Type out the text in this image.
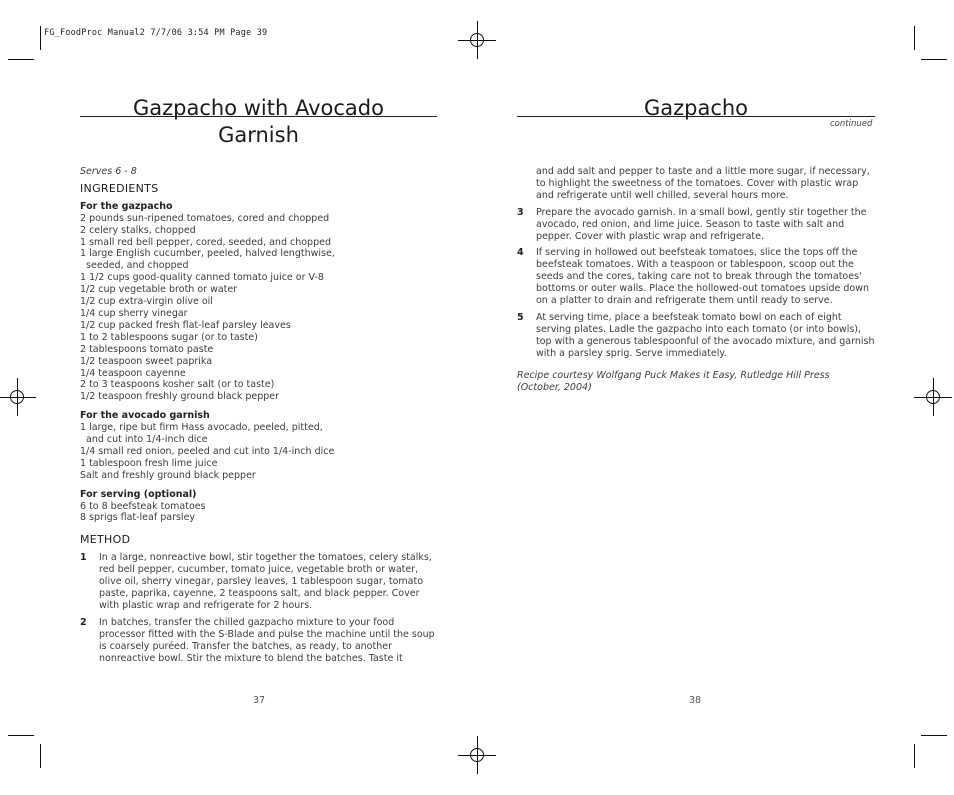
FG_FoodProc Manual2 7/7/06 3:54 PM Page 39
Gazpacho with Avocado
Garnish
Serves 6 - 8
INGREDIENTS
For the gazpacho
2 pounds sun-ripened tomatoes, cored and chopped
2 celery stalks, chopped
1 small red bell pepper, cored, seeded, and chopped
1 large English cucumber, peeled, halved lengthwise,
seeded, and chopped
1 1/2 cups good-quality canned tomato juice or V-8
1/2 cup vegetable broth or water
1/2 cup extra-virgin olive oil
1/4 cup sherry vinegar
1/2 cup packed fresh flat-leaf parsley leaves
1 to 2 tablespoons sugar (or to taste)
2 tablespoons tomato paste
1/2 teaspoon sweet paprika
1/4 teaspoon cayenne
2 to 3 teaspoons kosher salt (or to taste)
1/2 teaspoon freshly ground black pepper
For the avocado garnish
1 large, ripe but firm Hass avocado, peeled, pitted,
and cut into 1/4-inch dice
1/4 small red onion, peeled and cut into 1/4-inch dice
1 tablespoon fresh lime juice
Salt and freshly ground black pepper
For serving (optional)
6 to 8 beefsteak tomatoes
8 sprigs flat-leaf parsley
METHOD
1	In a large, nonreactive bowl, stir together the tomatoes, celery stalks, red bell pepper, cucumber, tomato juice, vegetable broth or water, olive oil, sherry vinegar, parsley leaves, 1 tablespoon sugar, tomato paste, paprika, cayenne, 2 teaspoons salt, and black pepper. Cover with plastic wrap and refrigerate for 2 hours.
2	In batches, transfer the chilled gazpacho mixture to your food processor fitted with the S-Blade and pulse the machine until the soup is coarsely puréed. Transfer the batches, as ready, to another nonreactive bowl. Stir the mixture to blend the batches. Taste it
37
Gazpacho
continued
and add salt and pepper to taste and a little more sugar, if necessary, to highlight the sweetness of the tomatoes. Cover with plastic wrap and refrigerate until well chilled, several hours more.
3	Prepare the avocado garnish. In a small bowl, gently stir together the avocado, red onion, and lime juice. Season to taste with salt and pepper. Cover with plastic wrap and refrigerate.
4	If serving in hollowed out beefsteak tomatoes, slice the tops off the beefsteak tomatoes. With a teaspoon or tablespoon, scoop out the seeds and the cores, taking care not to break through the tomatoes' bottoms or outer walls. Place the hollowed-out tomatoes upside down on a platter to drain and refrigerate them until ready to serve.
5	At serving time, place a beefsteak tomato bowl on each of eight serving plates. Ladle the gazpacho into each tomato (or into bowls), top with a generous tablespoonful of the avocado mixture, and garnish with a parsley sprig. Serve immediately.
Recipe courtesy Wolfgang Puck Makes it Easy, Rutledge Hill Press (October, 2004)
38
